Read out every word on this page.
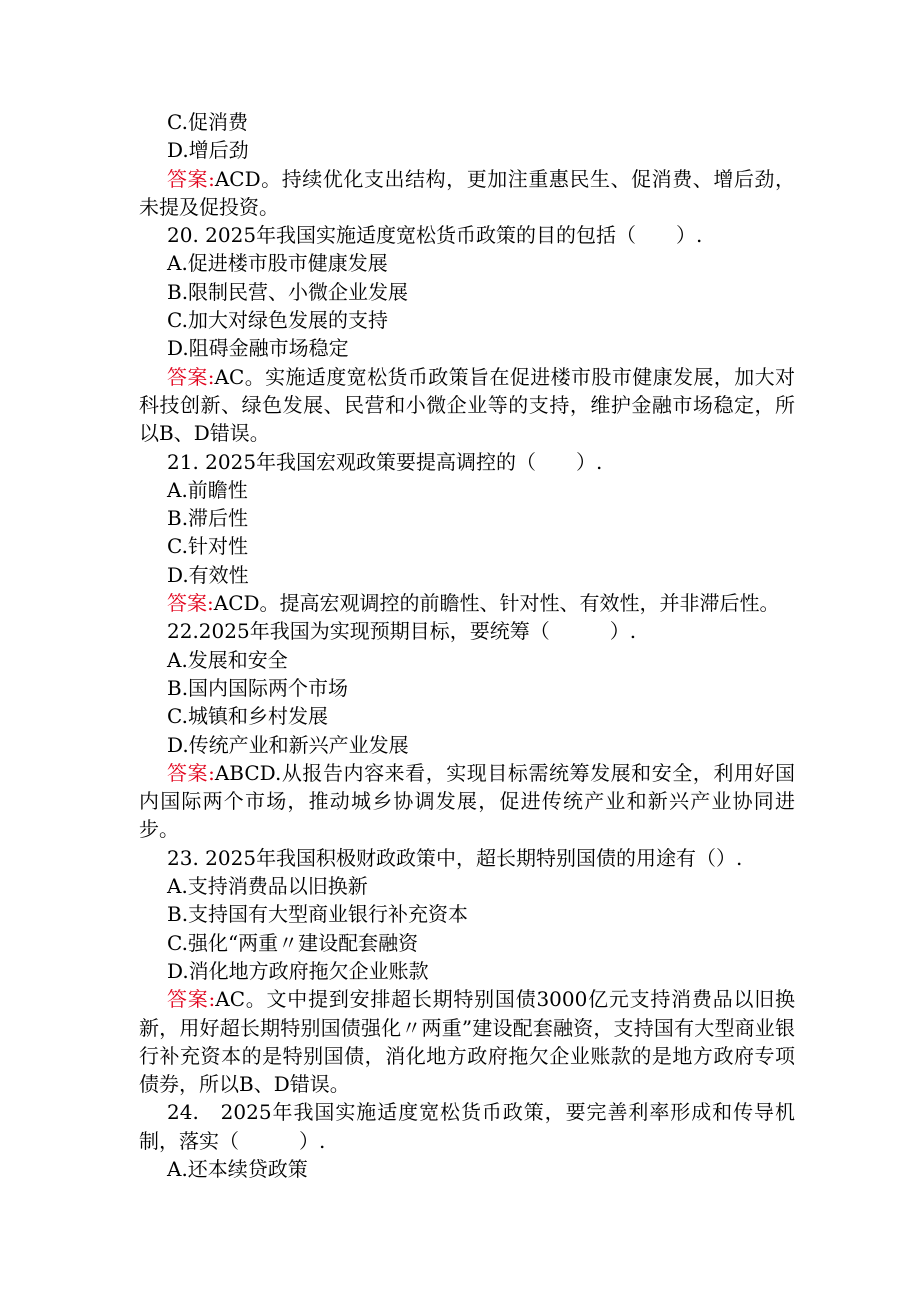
C.促消费
D.增后劲
答案:ACD。持续优化支出结构，更加注重惠民生、促消费、增后劲，未提及促投资。
20. 2025年我国实施适度宽松货币政策的目的包括（　　）.
A.促进楼市股市健康发展
B.限制民营、小微企业发展
C.加大对绿色发展的支持
D.阻碍金融市场稳定
答案:AC。实施适度宽松货币政策旨在促进楼市股市健康发展，加大对科技创新、绿色发展、民营和小微企业等的支持，维护金融市场稳定，所以B、D错误。
21. 2025年我国宏观政策要提高调控的（　　）.
A.前瞻性
B.滞后性
C.针对性
D.有效性
答案:ACD。提高宏观调控的前瞻性、针对性、有效性，并非滞后性。
22.2025年我国为实现预期目标，要统筹（　　　）.
A.发展和安全
B.国内国际两个市场
C.城镇和乡村发展
D.传统产业和新兴产业发展
答案:ABCD.从报告内容来看，实现目标需统筹发展和安全，利用好国内国际两个市场，推动城乡协调发展，促进传统产业和新兴产业协同进步。
23. 2025年我国积极财政政策中，超长期特别国债的用途有（）.
A.支持消费品以旧换新
B.支持国有大型商业银行补充资本
C.强化“两重〃建设配套融资
D.消化地方政府拖欠企业账款
答案:AC。文中提到安排超长期特别国债3000亿元支持消费品以旧换新，用好超长期特别国债强化〃两重”建设配套融资，支持国有大型商业银行补充资本的是特别国债，消化地方政府拖欠企业账款的是地方政府专项债券，所以B、D错误。
24.　2025年我国实施适度宽松货币政策，要完善利率形成和传导机制，落实（　　　）.
A.还本续贷政策
